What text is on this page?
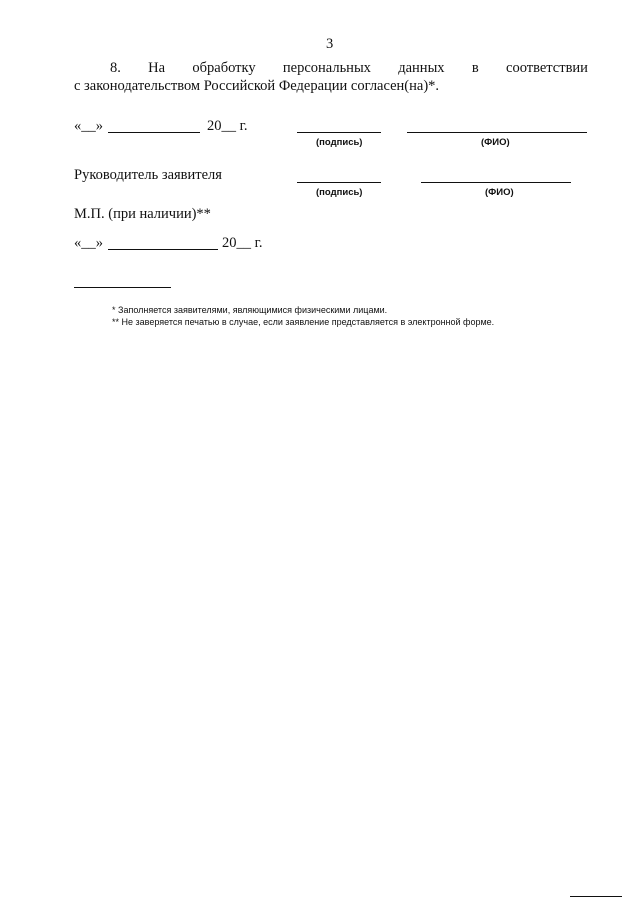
3
8. На обработку персональных данных в соответствии
с законодательством Российской Федерации согласен(на)*.
«__»	20__ г.
(подпись)	(ФИО)
Руководитель заявителя
(подпись)	(ФИО)
М.П. (при наличии)**
«__»	20__ г.
* Заполняется заявителями, являющимися физическими лицами.
** Не заверяется печатью в случае, если заявление представляется в электронной форме.
